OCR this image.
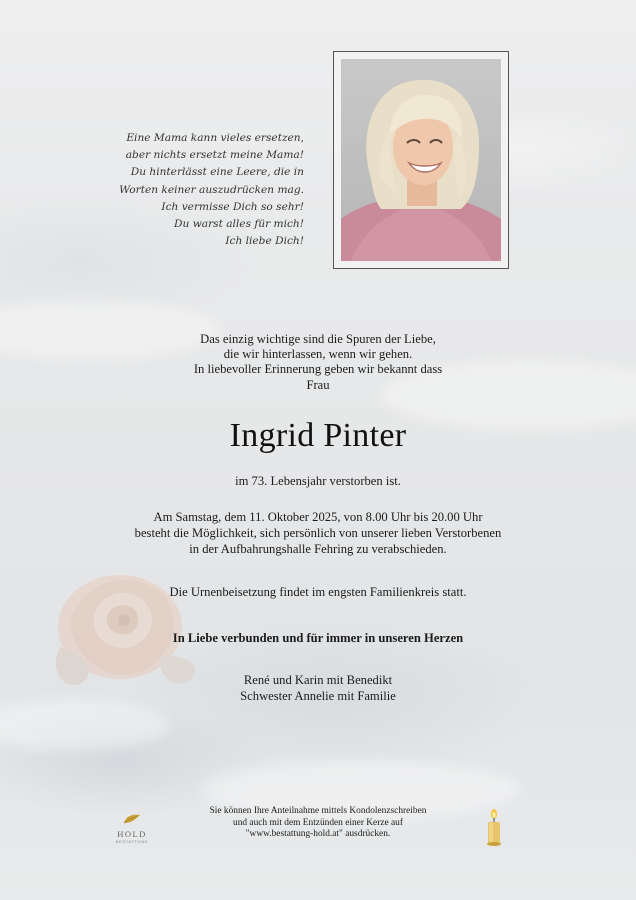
Eine Mama kann vieles ersetzen,
aber nichts ersetzt meine Mama!
Du hinterlässt eine Leere, die in
Worten keiner auszudrücken mag.
Ich vermisse Dich so sehr!
Du warst alles für mich!
Ich liebe Dich!
Das einzig wichtige sind die Spuren der Liebe,
die wir hinterlassen, wenn wir gehen.
In liebevoller Erinnerung geben wir bekannt dass
Frau
Ingrid Pinter
im 73. Lebensjahr verstorben ist.
Am Samstag, dem 11. Oktober 2025, von 8.00 Uhr bis 20.00 Uhr
besteht die Möglichkeit, sich persönlich von unserer lieben Verstorbenen
in der Aufbahrungshalle Fehring zu verabschieden.
Die Urnenbeisetzung findet im engsten Familienkreis statt.
In Liebe verbunden und für immer in unseren Herzen
René und Karin mit Benedikt
Schwester Annelie mit Familie
Sie können Ihre Anteilnahme mittels Kondolenzschreiben
und auch mit dem Entzünden einer Kerze auf
"www.bestattung-hold.at" ausdrücken.
HOLD
BESTATTUNG
